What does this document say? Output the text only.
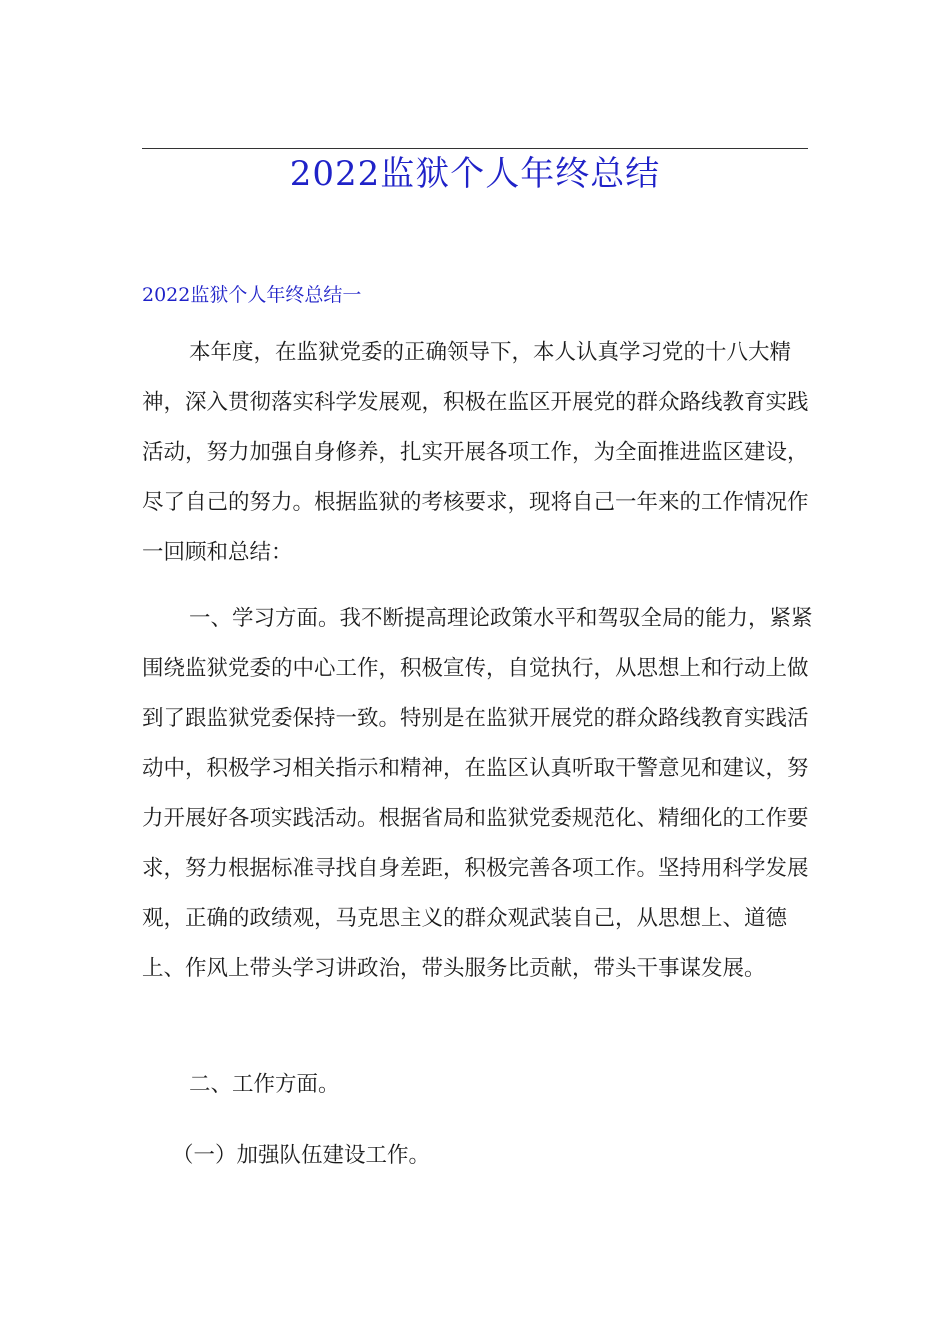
2022监狱个人年终总结
2022监狱个人年终总结一

本年度，在监狱党委的正确领导下，本人认真学习党的十八大精神，深入贯彻落实科学发展观，积极在监区开展党的群众路线教育实践活动，努力加强自身修养，扎实开展各项工作，为全面推进监区建设，尽了自己的努力。根据监狱的考核要求，现将自己一年来的工作情况作一回顾和总结：

一、学习方面。我不断提高理论政策水平和驾驭全局的能力，紧紧围绕监狱党委的中心工作，积极宣传，自觉执行，从思想上和行动上做到了跟监狱党委保持一致。特别是在监狱开展党的群众路线教育实践活动中，积极学习相关指示和精神，在监区认真听取干警意见和建议，努力开展好各项实践活动。根据省局和监狱党委规范化、精细化的工作要求，努力根据标准寻找自身差距，积极完善各项工作。坚持用科学发展观，正确的政绩观，马克思主义的群众观武装自己，从思想上、道德上、作风上带头学习讲政治，带头服务比贡献，带头干事谋发展。

二、工作方面。

（一）加强队伍建设工作。
